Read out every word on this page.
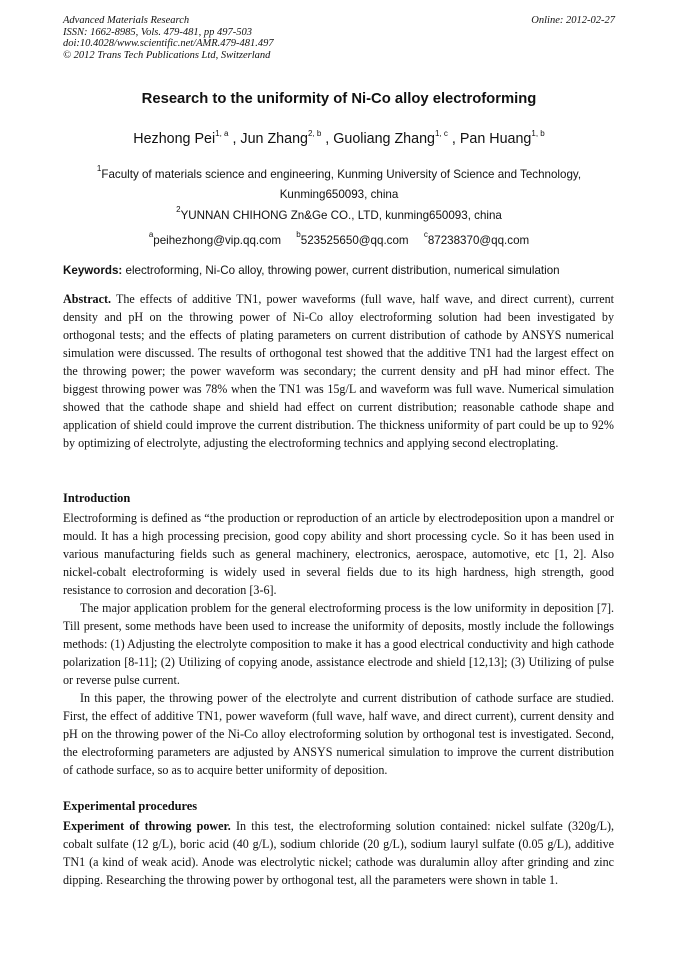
Advanced Materials Research
ISSN: 1662-8985, Vols. 479-481, pp 497-503
doi:10.4028/www.scientific.net/AMR.479-481.497
© 2012 Trans Tech Publications Ltd, Switzerland
Online: 2012-02-27
Research to the uniformity of Ni-Co alloy electroforming
Hezhong Pei$^{1, a}$ , Jun Zhang$^{2, b}$ , Guoliang Zhang$^{1, c}$ , Pan Huang$^{1, b}$
$^1$Faculty of materials science and engineering, Kunming University of Science and Technology,
Kunming650093, china
$^2$YUNNAN CHIHONG Zn&Ge CO., LTD, kunming650093, china
$^a$peihezhong@vip.qq.com $^b$523525650@qq.com $^c$87238370@qq.com
Keywords: electroforming, Ni-Co alloy, throwing power, current distribution, numerical simulation
Abstract. The effects of additive TN1, power waveforms (full wave, half wave, and direct current), current density and pH on the throwing power of Ni-Co alloy electroforming solution had been investigated by orthogonal tests; and the effects of plating parameters on current distribution of cathode by ANSYS numerical simulation were discussed. The results of orthogonal test showed that the additive TN1 had the largest effect on the throwing power; the power waveform was secondary; the current density and pH had minor effect. The biggest throwing power was 78% when the TN1 was 15g/L and waveform was full wave. Numerical simulation showed that the cathode shape and shield had effect on current distribution; reasonable cathode shape and application of shield could improve the current distribution. The thickness uniformity of part could be up to 92% by optimizing of electrolyte, adjusting the electroforming technics and applying second electroplating.
Introduction
Electroforming is defined as “the production or reproduction of an article by electrodeposition upon a mandrel or mould. It has a high processing precision, good copy ability and short processing cycle. So it has been used in various manufacturing fields such as general machinery, electronics, aerospace, automotive, etc [1, 2]. Also nickel-cobalt electroforming is widely used in several fields due to its high hardness, high strength, good resistance to corrosion and decoration [3-6].
The major application problem for the general electroforming process is the low uniformity in deposition [7]. Till present, some methods have been used to increase the uniformity of deposits, mostly include the followings methods: (1) Adjusting the electrolyte composition to make it has a good electrical conductivity and high cathode polarization [8-11]; (2) Utilizing of copying anode, assistance electrode and shield [12,13]; (3) Utilizing of pulse or reverse pulse current.
In this paper, the throwing power of the electrolyte and current distribution of cathode surface are studied. First, the effect of additive TN1, power waveform (full wave, half wave, and direct current), current density and pH on the throwing power of the Ni-Co alloy electroforming solution by orthogonal test is investigated. Second, the electroforming parameters are adjusted by ANSYS numerical simulation to improve the current distribution of cathode surface, so as to acquire better uniformity of deposition.
Experimental procedures
Experiment of throwing power. In this test, the electroforming solution contained: nickel sulfate (320g/L), cobalt sulfate (12 g/L), boric acid (40 g/L), sodium chloride (20 g/L), sodium lauryl sulfate (0.05 g/L), additive TN1 (a kind of weak acid). Anode was electrolytic nickel; cathode was duralumin alloy after grinding and zinc dipping. Researching the throwing power by orthogonal test, all the parameters were shown in table 1.
